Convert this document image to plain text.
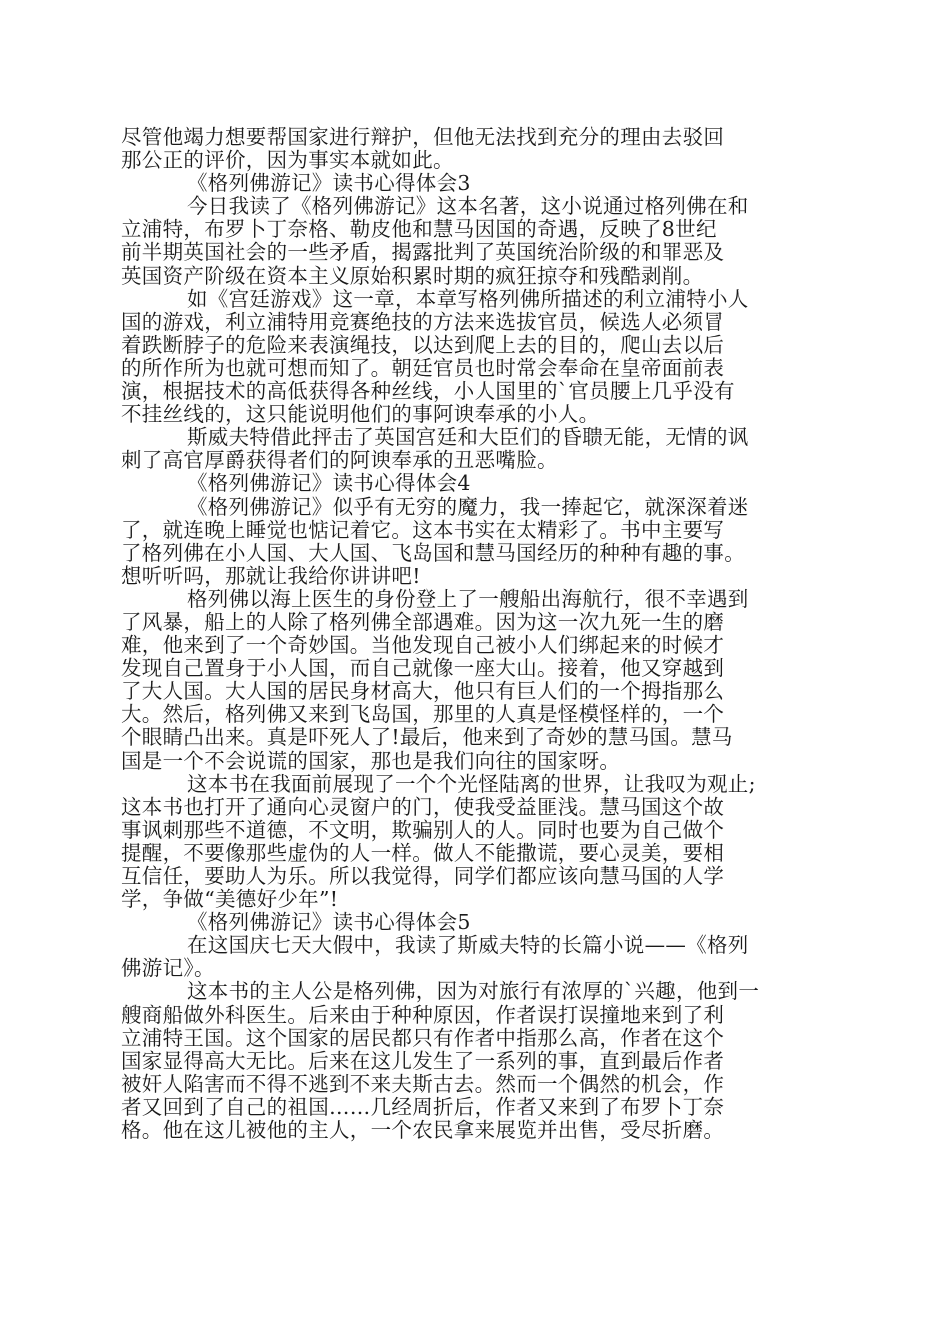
尽管他竭力想要帮国家进行辩护，但他无法找到充分的理由去驳回
那公正的评价，因为事实本就如此。
《格列佛游记》读书心得体会3
今日我读了《格列佛游记》这本名著，这小说通过格列佛在和
立浦特，布罗卜丁奈格、勒皮他和慧马因国的奇遇，反映了8世纪
前半期英国社会的一些矛盾，揭露批判了英国统治阶级的和罪恶及
英国资产阶级在资本主义原始积累时期的疯狂掠夺和残酷剥削。
如《宫廷游戏》这一章，本章写格列佛所描述的利立浦特小人
国的游戏，利立浦特用竞赛绝技的方法来选拔官员，候选人必须冒
着跌断脖子的危险来表演绳技，以达到爬上去的目的，爬山去以后
的所作所为也就可想而知了。朝廷官员也时常会奉命在皇帝面前表
演，根据技术的高低获得各种丝线，小人国里的`官员腰上几乎没有
不挂丝线的，这只能说明他们的事阿谀奉承的小人。
斯威夫特借此抨击了英国宫廷和大臣们的昏聩无能，无情的讽
刺了高官厚爵获得者们的阿谀奉承的丑恶嘴脸。
《格列佛游记》读书心得体会4
《格列佛游记》似乎有无穷的魔力，我一捧起它，就深深着迷
了，就连晚上睡觉也惦记着它。这本书实在太精彩了。书中主要写
了格列佛在小人国、大人国、飞岛国和慧马国经历的种种有趣的事。
想听听吗，那就让我给你讲讲吧!
格列佛以海上医生的身份登上了一艘船出海航行，很不幸遇到
了风暴，船上的人除了格列佛全部遇难。因为这一次九死一生的磨
难，他来到了一个奇妙国。当他发现自己被小人们绑起来的时候才
发现自己置身于小人国，而自己就像一座大山。接着，他又穿越到
了大人国。大人国的居民身材高大，他只有巨人们的一个拇指那么
大。然后，格列佛又来到飞岛国，那里的人真是怪模怪样的，一个
个眼睛凸出来。真是吓死人了!最后，他来到了奇妙的慧马国。慧马
国是一个不会说谎的国家，那也是我们向往的国家呀。
这本书在我面前展现了一个个光怪陆离的世界，让我叹为观止;
这本书也打开了通向心灵窗户的门，使我受益匪浅。慧马国这个故
事讽刺那些不道德，不文明，欺骗别人的人。同时也要为自己做个
提醒，不要像那些虚伪的人一样。做人不能撒谎，要心灵美，要相
互信任，要助人为乐。所以我觉得，同学们都应该向慧马国的人学
学，争做“美德好少年”!
《格列佛游记》读书心得体会5
在这国庆七天大假中，我读了斯威夫特的长篇小说——《格列
佛游记》。
这本书的主人公是格列佛，因为对旅行有浓厚的`兴趣，他到一
艘商船做外科医生。后来由于种种原因，作者误打误撞地来到了利
立浦特王国。这个国家的居民都只有作者中指那么高，作者在这个
国家显得高大无比。后来在这儿发生了一系列的事，直到最后作者
被奸人陷害而不得不逃到不来夫斯古去。然而一个偶然的机会，作
者又回到了自己的祖国……几经周折后，作者又来到了布罗卜丁奈
格。他在这儿被他的主人，一个农民拿来展览并出售，受尽折磨。
